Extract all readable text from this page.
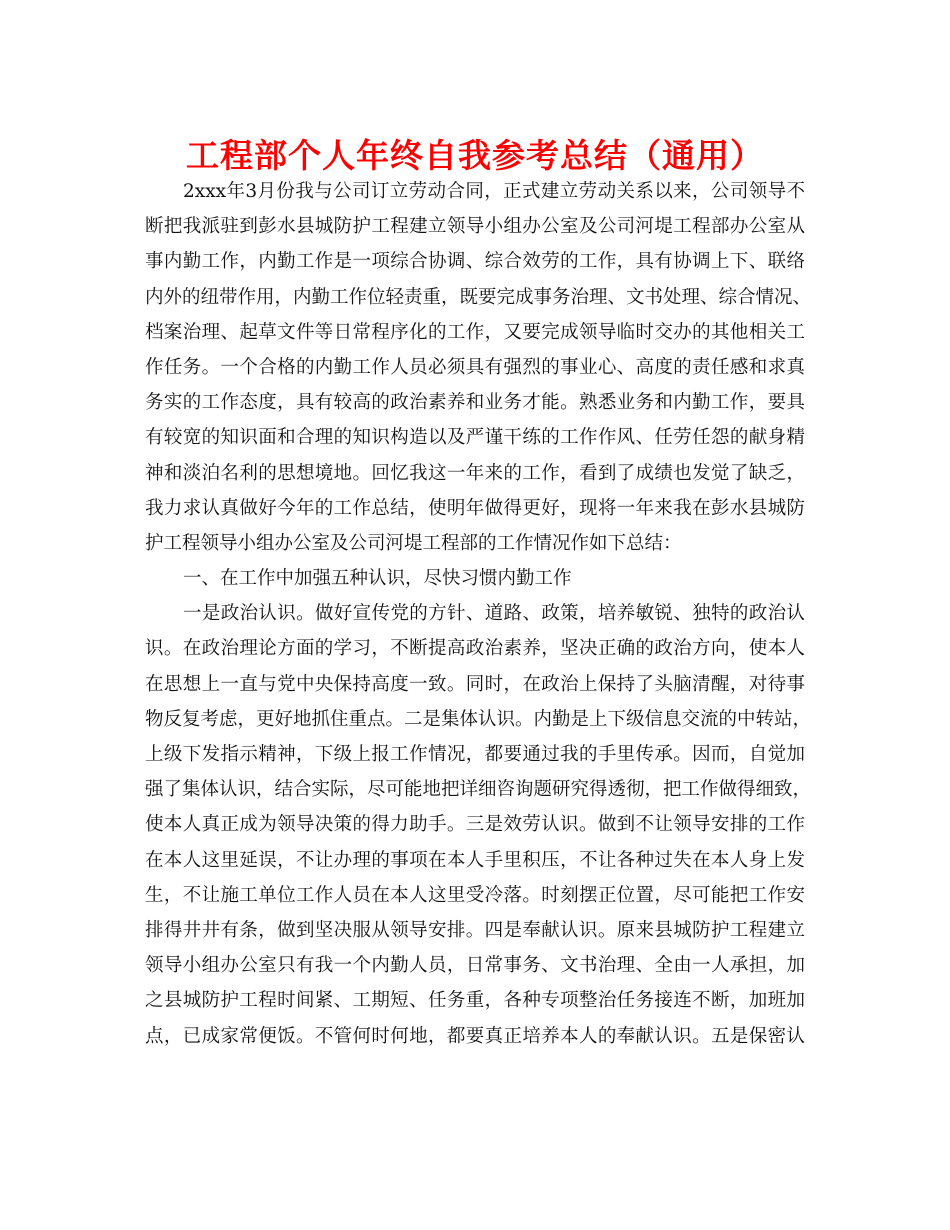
工程部个人年终自我参考总结（通用）
2xxx年3月份我与公司订立劳动合同，正式建立劳动关系以来，公司领导不
断把我派驻到彭水县城防护工程建立领导小组办公室及公司河堤工程部办公室从
事内勤工作，内勤工作是一项综合协调、综合效劳的工作，具有协调上下、联络
内外的纽带作用，内勤工作位轻责重，既要完成事务治理、文书处理、综合情况、
档案治理、起草文件等日常程序化的工作，又要完成领导临时交办的其他相关工
作任务。一个合格的内勤工作人员必须具有强烈的事业心、高度的责任感和求真
务实的工作态度，具有较高的政治素养和业务才能。熟悉业务和内勤工作，要具
有较宽的知识面和合理的知识构造以及严谨干练的工作作风、任劳任怨的献身精
神和淡泊名利的思想境地。回忆我这一年来的工作，看到了成绩也发觉了缺乏，
我力求认真做好今年的工作总结，使明年做得更好，现将一年来我在彭水县城防
护工程领导小组办公室及公司河堤工程部的工作情况作如下总结：
一、在工作中加强五种认识，尽快习惯内勤工作
一是政治认识。做好宣传党的方针、道路、政策，培养敏锐、独特的政治认
识。在政治理论方面的学习，不断提高政治素养，坚决正确的政治方向，使本人
在思想上一直与党中央保持高度一致。同时，在政治上保持了头脑清醒，对待事
物反复考虑，更好地抓住重点。二是集体认识。内勤是上下级信息交流的中转站，
上级下发指示精神，下级上报工作情况，都要通过我的手里传承。因而，自觉加
强了集体认识，结合实际，尽可能地把详细咨询题研究得透彻，把工作做得细致，
使本人真正成为领导决策的得力助手。三是效劳认识。做到不让领导安排的工作
在本人这里延误，不让办理的事项在本人手里积压，不让各种过失在本人身上发
生，不让施工单位工作人员在本人这里受冷落。时刻摆正位置，尽可能把工作安
排得井井有条，做到坚决服从领导安排。四是奉献认识。原来县城防护工程建立
领导小组办公室只有我一个内勤人员，日常事务、文书治理、全由一人承担，加
之县城防护工程时间紧、工期短、任务重，各种专项整治任务接连不断，加班加
点，已成家常便饭。不管何时何地，都要真正培养本人的奉献认识。五是保密认
